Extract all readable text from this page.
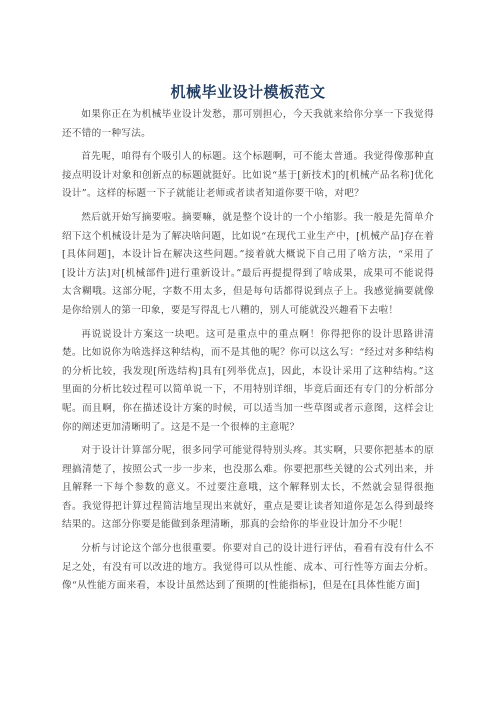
机械毕业设计模板范文

如果你正在为机械毕业设计发愁，那可别担心，今天我就来给你分享一下我觉得还不错的一种写法。

首先呢，咱得有个吸引人的标题。这个标题啊，可不能太普通。我觉得像那种直接点明设计对象和创新点的标题就挺好。比如说“基于[新技术]的[机械产品名称]优化设计”。这样的标题一下子就能让老师或者读者知道你要干啥，对吧？

然后就开始写摘要啦。摘要嘛，就是整个设计的一个小缩影。我一般是先简单介绍下这个机械设计是为了解决啥问题，比如说“在现代工业生产中，[机械产品]存在着[具体问题]，本设计旨在解决这些问题。”接着就大概说下自己用了啥方法，“采用了[设计方法]对[机械部件]进行重新设计。”最后再提提得到了啥成果，成果可不能说得太含糊哦。这部分呢，字数不用太多，但是每句话都得说到点子上。我感觉摘要就像是你给别人的第一印象，要是写得乱七八糟的，别人可能就没兴趣看下去啦！

再说说设计方案这一块吧。这可是重点中的重点啊！你得把你的设计思路讲清楚。比如说你为啥选择这种结构，而不是其他的呢？你可以这么写：“经过对多种结构的分析比较，我发现[所选结构]具有[列举优点]，因此，本设计采用了这种结构。”这里面的分析比较过程可以简单说一下，不用特别详细，毕竟后面还有专门的分析部分呢。而且啊，你在描述设计方案的时候，可以适当加一些草图或者示意图，这样会让你的阐述更加清晰明了。这是不是一个很棒的主意呢？

对于设计计算部分呢，很多同学可能觉得特别头疼。其实啊，只要你把基本的原理搞清楚了，按照公式一步一步来，也没那么难。你要把那些关键的公式列出来，并且解释一下每个参数的意义。不过要注意哦，这个解释别太长，不然就会显得很拖沓。我觉得把计算过程简洁地呈现出来就好，重点是要让读者知道你是怎么得到最终结果的。这部分你要是能做到条理清晰，那真的会给你的毕业设计加分不少呢！

分析与讨论这个部分也很重要。你要对自己的设计进行评估，看看有没有什么不足之处，有没有可以改进的地方。我觉得可以从性能、成本、可行性等方面去分析。像“从性能方面来看，本设计虽然达到了预期的[性能指标]，但是在[具体性能方面]
